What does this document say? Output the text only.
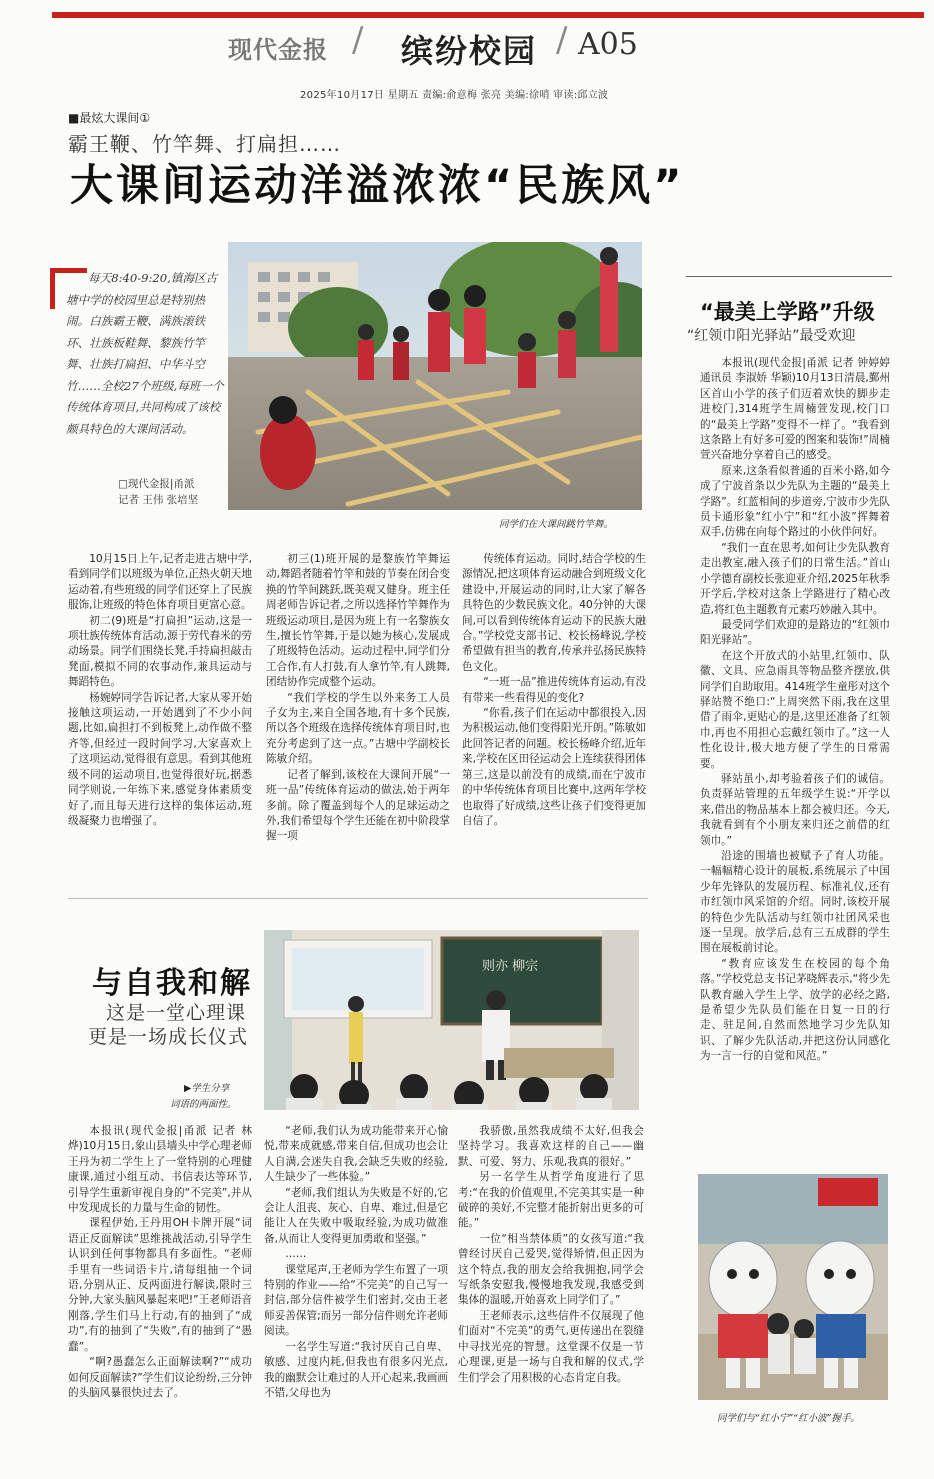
现代金报 / 缤纷校园 / A05
2025年10月17日 星期五 责编:俞意梅 张亮 美编:徐哨 审读:邱立波
■最炫大课间①
霸王鞭、竹竿舞、打扁担……
大课间运动洋溢浓浓“民族风”
每天8:40-9:20,镇海区古塘中学的校园里总是特别热闹。白族霸王鞭、满族滚铁环、壮族板鞋舞、黎族竹竿舞、壮族打扁担、中华斗空竹……全校27个班级,每班一个传统体育项目,共同构成了该校颇具特色的大课间活动。
□现代金报|甬派
记者 王伟 张培坚
同学们在大课间跳竹竿舞。

10月15日上午,记者走进古塘中学,看到同学们以班级为单位,正热火朝天地运动着,有些班级的同学们还穿上了民族服饰,让班级的特色体育项目更富心意。

初二(9)班是“打扁担”运动,这是一项壮族传统体育活动,源于劳代舂米的劳动场景。同学们围绕长凳,手持扁担敲击凳面,模拟不同的农事动作,兼具运动与舞蹈特色。

杨婉婷同学告诉记者,大家从零开始接触这项运动,一开始遇到了不少小问题,比如,扁担打不到板凳上,动作做不整齐等,但经过一段时间学习,大家喜欢上了这项运动,觉得很有意思。看到其他班级不同的运动项目,也觉得很好玩,据悉同学则说,一年练下来,感觉身体素质变好了,而且每天进行这样的集体运动,班级凝聚力也增强了。

初三(1)班开展的是黎族竹竿舞运动,舞蹈者随着竹竿和鼓的节奏在闭合变换的竹竿间跳跃,既美观又健身。班主任周老师告诉记者,之所以选择竹竿舞作为班级运动项目,是因为班上有一名黎族女生,擅长竹竿舞,于是以她为核心,发展成了班级特色活动。运动过程中,同学们分工合作,有人打鼓,有人拿竹竿,有人跳舞,团结协作完成整个运动。

“我们学校的学生以外来务工人员子女为主,来自全国各地,有十多个民族,所以各个班级在选择传统体育项目时,也充分考虑到了这一点。”古塘中学副校长陈敏介绍。

记者了解到,该校在大课间开展“一班一品”传统体育运动的做法,始于两年多前。除了覆盖到每个人的足球运动之外,我们希望每个学生还能在初中阶段掌握一项

传统体育运动。同时,结合学校的生源情况,把这项体育运动融合到班级文化建设中,开展运动的同时,让大家了解各具特色的少数民族文化。40分钟的大课间,可以看到传统体育运动下的民族大融合。”学校党支部书记、校长杨峰说,学校希望做有担当的教育,传承并弘扬民族特色文化。

“一班一品”推进传统体育运动,有没有带来一些看得见的变化?

“你看,孩子们在运动中都很投入,因为积极运动,他们变得阳光开朗。”陈敏如此回答记者的问题。校长杨峰介绍,近年来,学校在区田径运动会上连续获得团体第三,这是以前没有的成绩,而在宁波市的中华传统体育项目比赛中,这两年学校也取得了好成绩,这些让孩子们变得更加自信了。

与自我和解
这是一堂心理课
更是一场成长仪式
▶学生分享
词语的两面性。
则亦 柳宗

本报讯(现代金报|甬派 记者 林烨)10月15日,象山县墙头中学心理老师王丹为初二学生上了一堂特别的心理健康课,通过小组互动、书信表达等环节,引导学生重新审视自身的“不完美”,并从中发现成长的力量与生命的韧性。

课程伊始,王丹用OH卡牌开展“词语正反面解读”思维挑战活动,引导学生认识到任何事物都具有多面性。“老师手里有一些词语卡片,请每组抽一个词语,分别从正、反两面进行解读,限时三分钟,大家头脑风暴起来吧!”王老师语音刚落,学生们马上行动,有的抽到了“成功”,有的抽到了“失败”,有的抽到了“愚蠢”。

“啊?愚蠢怎么正面解读啊?”“成功如何反面解读?”学生们议论纷纷,三分钟的头脑风暴很快过去了。

“老师,我们认为成功能带来开心愉悦,带来成就感,带来自信,但成功也会让人自满,会迷失自我,会缺乏失败的经验,人生缺少了一些体验。”

“老师,我们组认为失败是不好的,它会让人沮丧、灰心、自卑、难过,但是它能让人在失败中吸取经验,为成功做准备,从而让人变得更加勇敢和坚强。”

……

课堂尾声,王老师为学生布置了一项特别的作业——给“不完美”的自己写一封信,部分信件被学生们密封,交由王老师妥善保管;而另一部分信件则允许老师阅读。

一名学生写道:“我讨厌自己自卑、敏感、过度内耗,但我也有很多闪光点,我的幽默会让难过的人开心起来,我画画不错,父母也为

我骄傲,虽然我成绩不太好,但我会坚持学习。我喜欢这样的自己——幽默、可爱、努力、乐观,我真的很好。”

另一名学生从哲学角度进行了思考:“在我的价值观里,不完美其实是一种破碎的美好,不完整才能折射出更多的可能。”

一位“相当禁体质”的女孩写道:“我曾经讨厌自己爱哭,觉得矫情,但正因为这个特点,我的朋友会给我拥抱,同学会写纸条安慰我,慢慢地我发现,我感受到集体的温暖,开始喜欢上同学们了。”

王老师表示,这些信件不仅展现了他们面对“不完美”的勇气,更传递出在裂缝中寻找光亮的智慧。这堂课不仅是一节心理课,更是一场与自我和解的仪式,学生们学会了用积极的心态肯定自我。

“最美上学路”升级
“红领巾阳光驿站”最受欢迎

本报讯(现代金报|甬派 记者 钟婷婷 通讯员 李淑娇 华颖)10月13日清晨,鄞州区首山小学的孩子们迈着欢快的脚步走进校门,314班学生周楠萱发现,校门口的“最美上学路”变得不一样了。“我看到这条路上有好多可爱的图案和装饰!”周楠萱兴奋地分享着自己的感受。

原来,这条看似普通的百米小路,如今成了宁波首条以少先队为主题的“最美上学路”。红蓝相间的步道旁,宁波市少先队员卡通形象“红小宁”和“红小波”挥舞着双手,仿佛在向每个路过的小伙伴问好。

“我们一直在思考,如何让少先队教育走出教室,融入孩子们的日常生活。”首山小学德育副校长张迎亚介绍,2025年秋季开学后,学校对这条上学路进行了精心改造,将红色主题教育元素巧妙融入其中。

最受同学们欢迎的是路边的“红领巾阳光驿站”。

在这个开放式的小站里,红领巾、队徽、文具、应急雨具等物品整齐摆放,供同学们自助取用。414班学生童彤对这个驿站赞不绝口:“上周突然下雨,我在这里借了雨伞,更贴心的是,这里还准备了红领巾,再也不用担心忘戴红领巾了。”这一人性化设计,极大地方便了学生的日常需要。

驿站虽小,却考验着孩子们的诚信。负责驿站管理的五年级学生说:“开学以来,借出的物品基本上都会被归还。今天,我就看到有个小朋友来归还之前借的红领巾。”

沿途的围墙也被赋予了育人功能。一幅幅精心设计的展板,系统展示了中国少年先锋队的发展历程、标准礼仪,还有市红领巾风采馆的介绍。同时,该校开展的特色少先队活动与红领巾社团风采也逐一呈现。放学后,总有三五成群的学生围在展板前讨论。

“教育应该发生在校园的每个角落。”学校党总支书记茅晓辉表示,“将少先队教育融入学生上学、放学的必经之路,是希望少先队员们能在日复一日的行走、驻足间,自然而然地学习少先队知识、了解少先队活动,并把这份认同感化为一言一行的自觉和风范。”

同学们与“红小宁”“红小波”握手。
